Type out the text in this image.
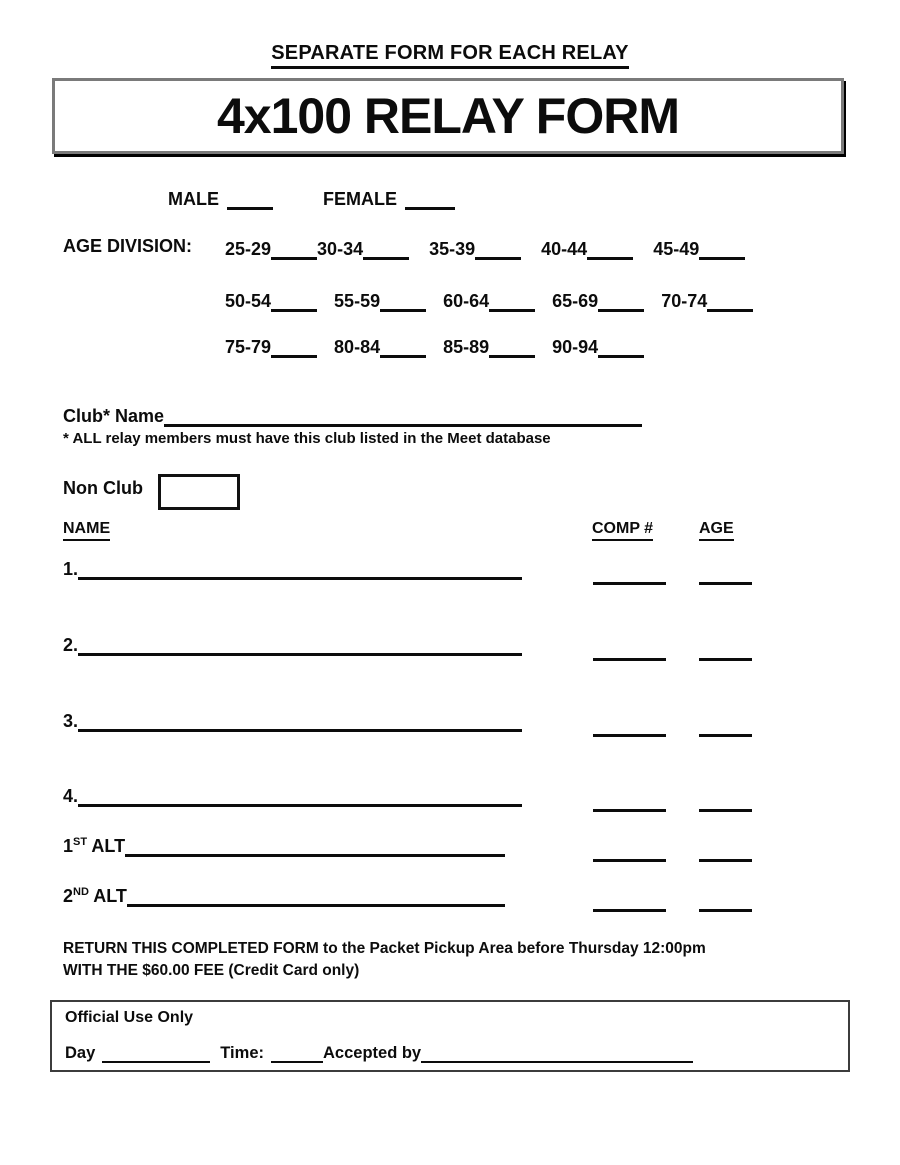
SEPARATE FORM FOR EACH RELAY
4x100 RELAY FORM
MALE	FEMALE
AGE DIVISION: 25-29	30-34	35-39	40-44	45-49
50-54	55-59	60-64	65-69	70-74
75-79	80-84	85-89	90-94
Club* Name
* ALL relay members must have this club listed in the Meet database
Non Club
NAME	COMP #	AGE
1.
2.
3.
4.
1ST ALT
2ND ALT
RETURN THIS COMPLETED FORM to the Packet Pickup Area before Thursday 12:00pm
WITH THE $60.00 FEE (Credit Card only)
Official Use Only
Day	Time:	Accepted by
